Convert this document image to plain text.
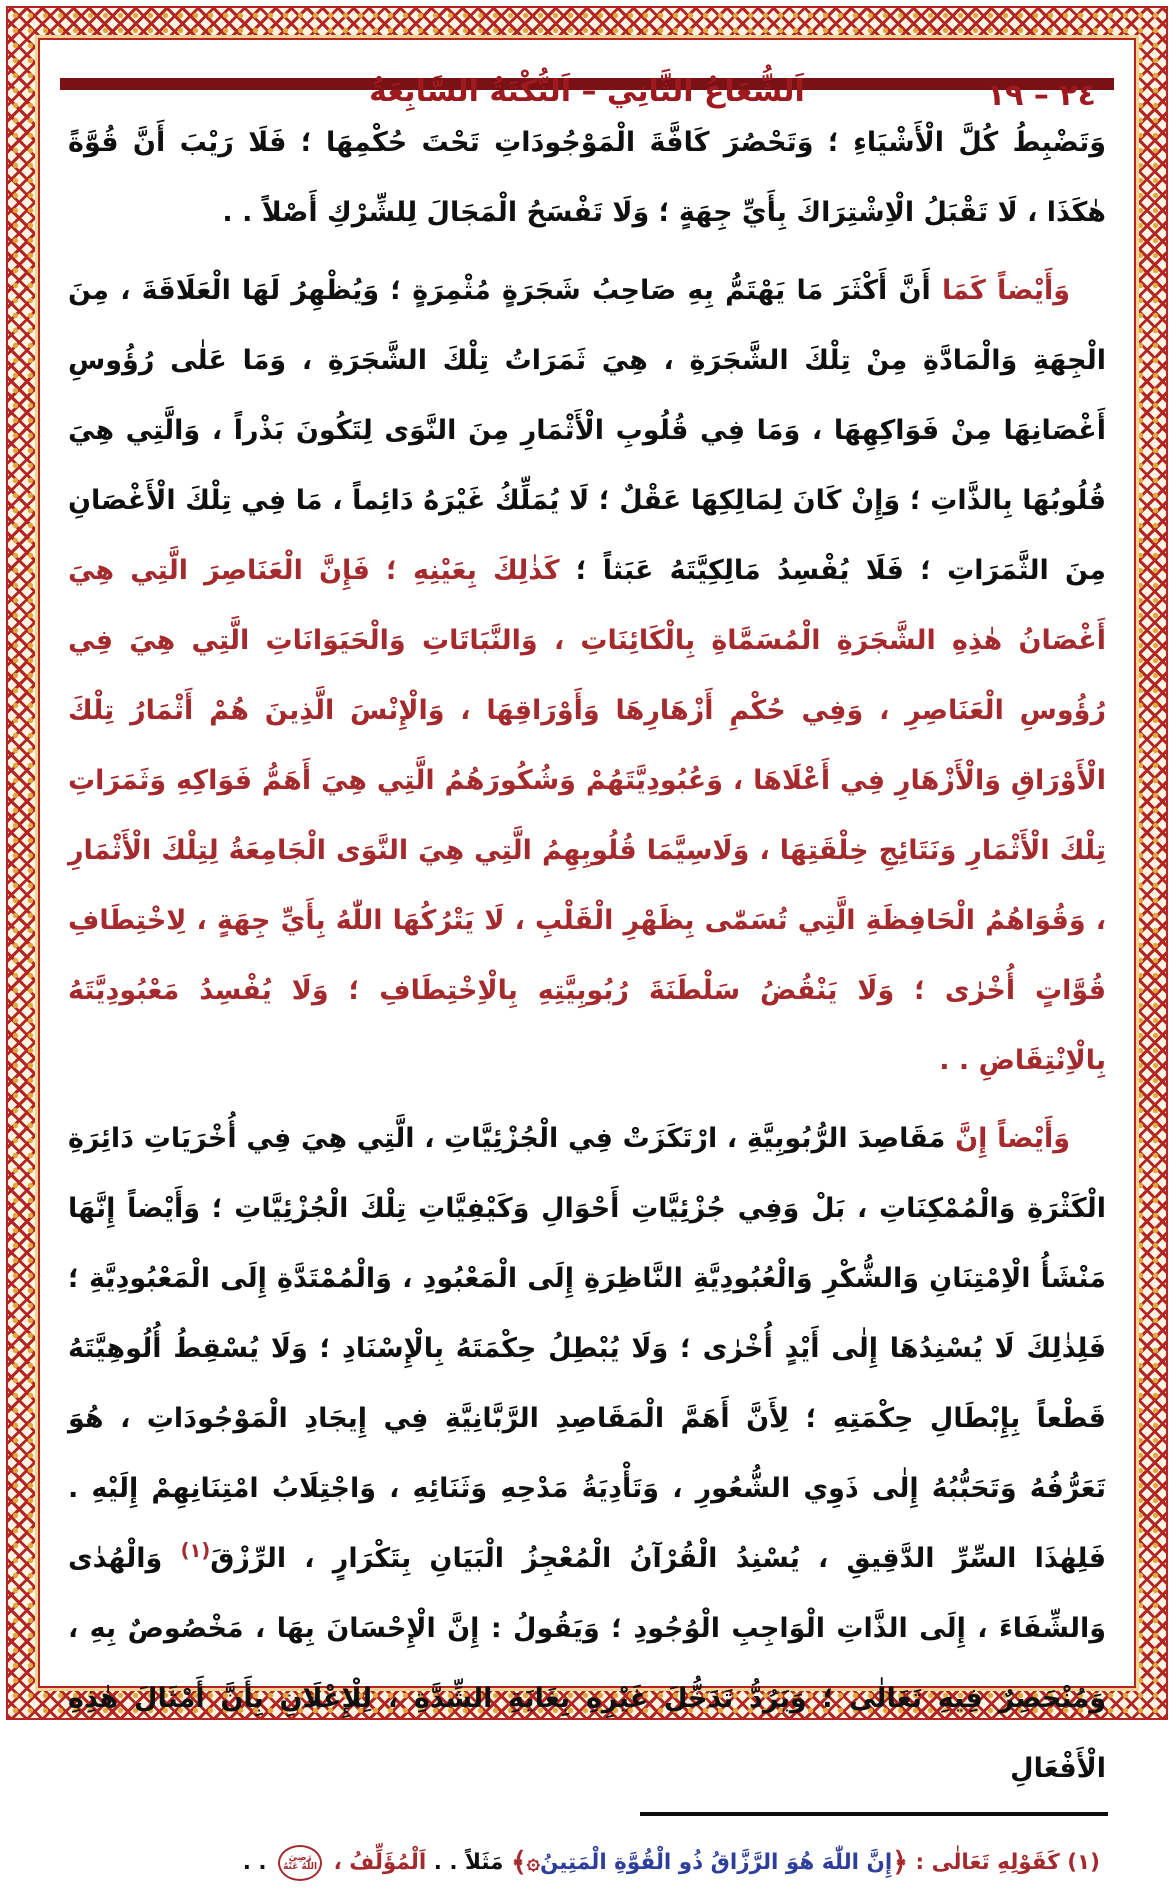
اَلشُّعَاعُ الثَّانِي – اَلنُّكْتَةُ السَّابِعَةُ	٢٤ – ١٩

وَتَضْبِطُ كُلَّ الْأَشْيَاءِ ؛ وَتَحْصُرَ كَافَّةَ الْمَوْجُودَاتِ تَحْتَ حُكْمِهَا ؛ فَلَا رَيْبَ أَنَّ قُوَّةً هٰكَذَا ، لَا تَقْبَلُ الْاِشْتِرَاكَ بِأَيِّ جِهَةٍ ؛ وَلَا تَفْسَحُ الْمَجَالَ لِلشِّرْكِ أَصْلاً . .

وَأَيْضاً كَمَا أَنَّ أَكْثَرَ مَا يَهْتَمُّ بِهِ صَاحِبُ شَجَرَةٍ مُثْمِرَةٍ ؛ وَيُظْهِرُ لَهَا الْعَلَاقَةَ ، مِنَ الْجِهَةِ وَالْمَادَّةِ مِنْ تِلْكَ الشَّجَرَةِ ، هِيَ ثَمَرَاتُ تِلْكَ الشَّجَرَةِ ، وَمَا عَلٰى رُؤُوسِ أَغْصَانِهَا مِنْ فَوَاكِهِهَا ، وَمَا فِي قُلُوبِ الْأَثْمَارِ مِنَ النَّوَى لِتَكُونَ بَذْراً ، وَالَّتِي هِيَ قُلُوبُهَا بِالذَّاتِ ؛ وَإِنْ كَانَ لِمَالِكِهَا عَقْلٌ ؛ لَا يُمَلِّكُ غَيْرَهُ دَائِماً ، مَا فِي تِلْكَ الْأَغْصَانِ مِنَ الثَّمَرَاتِ ؛ فَلَا يُفْسِدُ مَالِكِيَّتَهُ عَبَثاً ؛ كَذٰلِكَ بِعَيْنِهِ ؛ فَإِنَّ الْعَنَاصِرَ الَّتِي هِيَ أَغْصَانُ هٰذِهِ الشَّجَرَةِ الْمُسَمَّاةِ بِالْكَائِنَاتِ ، وَالنَّبَاتَاتِ وَالْحَيَوَانَاتِ الَّتِي هِيَ فِي رُؤُوسِ الْعَنَاصِرِ ، وَفِي حُكْمِ أَزْهَارِهَا وَأَوْرَاقِهَا ، وَالْإِنْسَ الَّذِينَ هُمْ أَثْمَارُ تِلْكَ الْأَوْرَاقِ وَالْأَزْهَارِ فِي أَعْلَاهَا ، وَعُبُودِيَّتَهُمْ وَشُكُورَهُمُ الَّتِي هِيَ أَهَمُّ فَوَاكِهِ وَثَمَرَاتِ تِلْكَ الْأَثْمَارِ وَنَتَائِجِ خِلْقَتِهَا ، وَلَاسِيَّمَا قُلُوبِهِمُ الَّتِي هِيَ النَّوَى الْجَامِعَةُ لِتِلْكَ الْأَثْمَارِ ، وَقُوَاهُمُ الْحَافِظَةِ الَّتِي تُسَمّٰى بِظَهْرِ الْقَلْبِ ، لَا يَتْرُكُهَا اللّٰهُ بِأَيِّ جِهَةٍ ، لِاخْتِطَافِ قُوَّاتٍ أُخْرٰى ؛ وَلَا يَنْقُضُ سَلْطَنَةَ رُبُوبِيَّتِهِ بِالْاِخْتِطَافِ ؛ وَلَا يُفْسِدُ مَعْبُودِيَّتَهُ بِالْاِنْتِقَاضِ . .

وَأَيْضاً إِنَّ مَقَاصِدَ الرُّبُوبِيَّةِ ، ارْتَكَزَتْ فِي الْجُزْئِيَّاتِ ، الَّتِي هِيَ فِي أُخْرَيَاتِ دَائِرَةِ الْكَثْرَةِ وَالْمُمْكِنَاتِ ، بَلْ وَفِي جُزْئِيَّاتِ أَحْوَالِ وَكَيْفِيَّاتِ تِلْكَ الْجُزْئِيَّاتِ ؛ وَأَيْضاً إِنَّهَا مَنْشَأُ الْاِمْتِنَانِ وَالشُّكْرِ وَالْعُبُودِيَّةِ النَّاظِرَةِ إِلَى الْمَعْبُودِ ، وَالْمُمْتَدَّةِ إِلَى الْمَعْبُودِيَّةِ ؛ فَلِذٰلِكَ لَا يُسْنِدُهَا إِلٰى أَيْدٍ أُخْرٰى ؛ وَلَا يُبْطِلُ حِكْمَتَهُ بِالْإِسْنَادِ ؛ وَلَا يُسْقِطُ أُلُوهِيَّتَهُ قَطْعاً بِإِبْطَالِ حِكْمَتِهِ ؛ لِأَنَّ أَهَمَّ الْمَقَاصِدِ الرَّبَّانِيَّةِ فِي إِيجَادِ الْمَوْجُودَاتِ ، هُوَ تَعَرُّفُهُ وَتَحَبُّبُهُ إِلٰى ذَوِي الشُّعُورِ ، وَتَأْدِيَةُ مَدْحِهِ وَثَنَائِهِ ، وَاجْتِلَابُ امْتِنَانِهِمْ إِلَيْهِ . فَلِهٰذَا السِّرِّ الدَّقِيقِ ، يُسْنِدُ الْقُرْآنُ الْمُعْجِزُ الْبَيَانِ بِتَكْرَارٍ ، الرِّزْقَ$^{(١)}$ وَالْهُدٰى وَالشِّفَاءَ ، إِلَى الذَّاتِ الْوَاجِبِ الْوُجُودِ ؛ وَيَقُولُ : إِنَّ الْإِحْسَانَ بِهَا ، مَخْصُوصٌ بِهِ ، وَمُنْحَصِرٌ فِيهِ تَعَالٰى ؛ وَيَرُدُّ تَدَخُّلَ غَيْرِهِ بِغَايَةِ الشِّدَّةِ ، لِلْإِعْلَانِ بِأَنَّ أَمْثَالَ هٰذِهِ الْأَفْعَالِ

(١) كَقَوْلِهِ تَعَالٰى : ﴿إِنَّ اللّٰهَ هُوَ الرَّزَّاقُ ذُو الْقُوَّةِ الْمَتِينُ۞﴾ مَثَلاً . . اَلْمُؤَلِّفُ ، رَضِيَ اللّٰهُ عَنْهُ . .
